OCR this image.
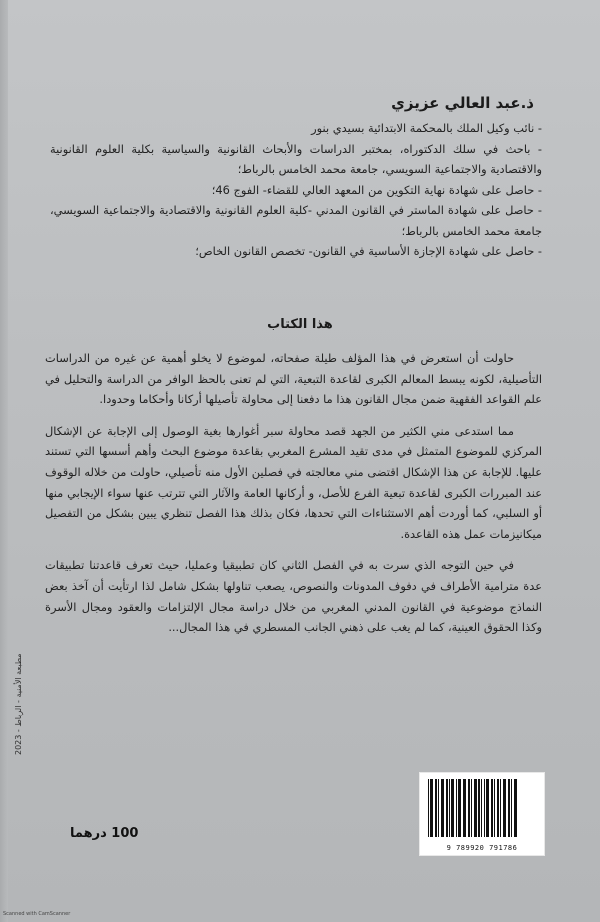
ذ.عبد العالي عزيزي

- نائب وكيل الملك بالمحكمة الابتدائية بسيدي بنور

- باحث في سلك الدكتوراه، بمختبر الدراسات والأبحاث القانونية والسياسية بكلية العلوم القانونية والاقتصادية والاجتماعية السويسي، جامعة محمد الخامس بالرباط؛

- حاصل على شهادة نهاية التكوين من المعهد العالي للقضاء- الفوج 46؛

- حاصل على شهادة الماستر في القانون المدني -كلية العلوم القانونية والاقتصادية والاجتماعية السويسي، جامعة محمد الخامس بالرباط؛

- حاصل على شهادة الإجازة الأساسية في القانون- تخصص القانون الخاص؛

هذا الكتاب

حاولت أن استعرض في هذا المؤلف طيلة صفحاته، لموضوع لا يخلو أهمية عن غيره من الدراسات التأصيلية، لكونه يبسط المعالم الكبرى لقاعدة التبعية، التي لم تعنى بالحظ الوافر من الدراسة والتحليل في علم القواعد الفقهية ضمن مجال القانون هذا ما دفعنا إلى محاولة تأصيلها أركانا وأحكاما وحدودا.

مما استدعى مني الكثير من الجهد قصد محاولة سبر أغوارها بغية الوصول إلى الإجابة عن الإشكال المركزي للموضوع المتمثل في مدى تقيد المشرع المغربي بقاعدة موضوع البحث وأهم أسسها التي تستند عليها. للإجابة عن هذا الإشكال اقتضى مني معالجته في فصلين الأول منه تأصيلي، حاولت من خلاله الوقوف عند المبررات الكبرى لقاعدة تبعية الفرع للأصل، و أركانها العامة والآثار التي تترتب عنها سواء الإيجابي منها أو السلبي، كما أوردت أهم الاستثناءات التي تحدها، فكان بذلك هذا الفصل تنظري يبين بشكل من التفصيل ميكانيزمات عمل هذه القاعدة.

في حين التوجه الذي سرت به في الفصل الثاني كان تطبيقيا وعمليا، حيث تعرف قاعدتنا تطبيقات عدة مترامية الأطراف في دفوف المدونات والنصوص، يصعب تناولها بشكل شامل لذا ارتأيت أن آخذ بعض النماذج موضوعية في القانون المدني المغربي من خلال دراسة مجال الإلتزامات والعقود ومجال الأسرة وكذا الحقوق العينية، كما لم يغب على ذهني الجانب المسطري في هذا المجال...

مطبعة الأمنية - الرباط - 2023
100 درهما
9 789920 791786
Scanned with CamScanner
